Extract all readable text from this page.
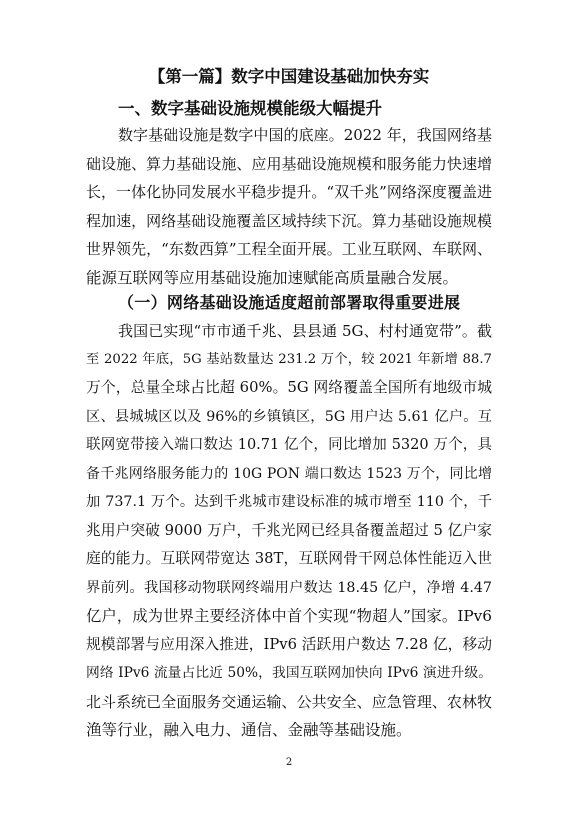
【第一篇】数字中国建设基础加快夯实
一、数字基础设施规模能级大幅提升
数字基础设施是数字中国的底座。2022 年，我国网络基
础设施、算力基础设施、应用基础设施规模和服务能力快速增
长，一体化协同发展水平稳步提升。“双千兆”网络深度覆盖进
程加速，网络基础设施覆盖区域持续下沉。算力基础设施规模
世界领先，“东数西算”工程全面开展。工业互联网、车联网、
能源互联网等应用基础设施加速赋能高质量融合发展。
（一）网络基础设施适度超前部署取得重要进展
我国已实现“市市通千兆、县县通 5G、村村通宽带”。截
至 2022 年底，5G 基站数量达 231.2 万个，较 2021 年新增 88.7
万个，总量全球占比超 60%。5G 网络覆盖全国所有地级市城
区、县城城区以及 96%的乡镇镇区，5G 用户达 5.61 亿户。互
联网宽带接入端口数达 10.71 亿个，同比增加 5320 万个，具
备千兆网络服务能力的 10G PON 端口数达 1523 万个，同比增
加 737.1 万个。达到千兆城市建设标准的城市增至 110 个，千
兆用户突破 9000 万户，千兆光网已经具备覆盖超过 5 亿户家
庭的能力。互联网带宽达 38T，互联网骨干网总体性能迈入世
界前列。我国移动物联网终端用户数达 18.45 亿户，净增 4.47
亿户，成为世界主要经济体中首个实现“物超人”国家。IPv6
规模部署与应用深入推进，IPv6 活跃用户数达 7.28 亿，移动
网络 IPv6 流量占比近 50%，我国互联网加快向 IPv6 演进升级。
北斗系统已全面服务交通运输、公共安全、应急管理、农林牧
渔等行业，融入电力、通信、金融等基础设施。
2
